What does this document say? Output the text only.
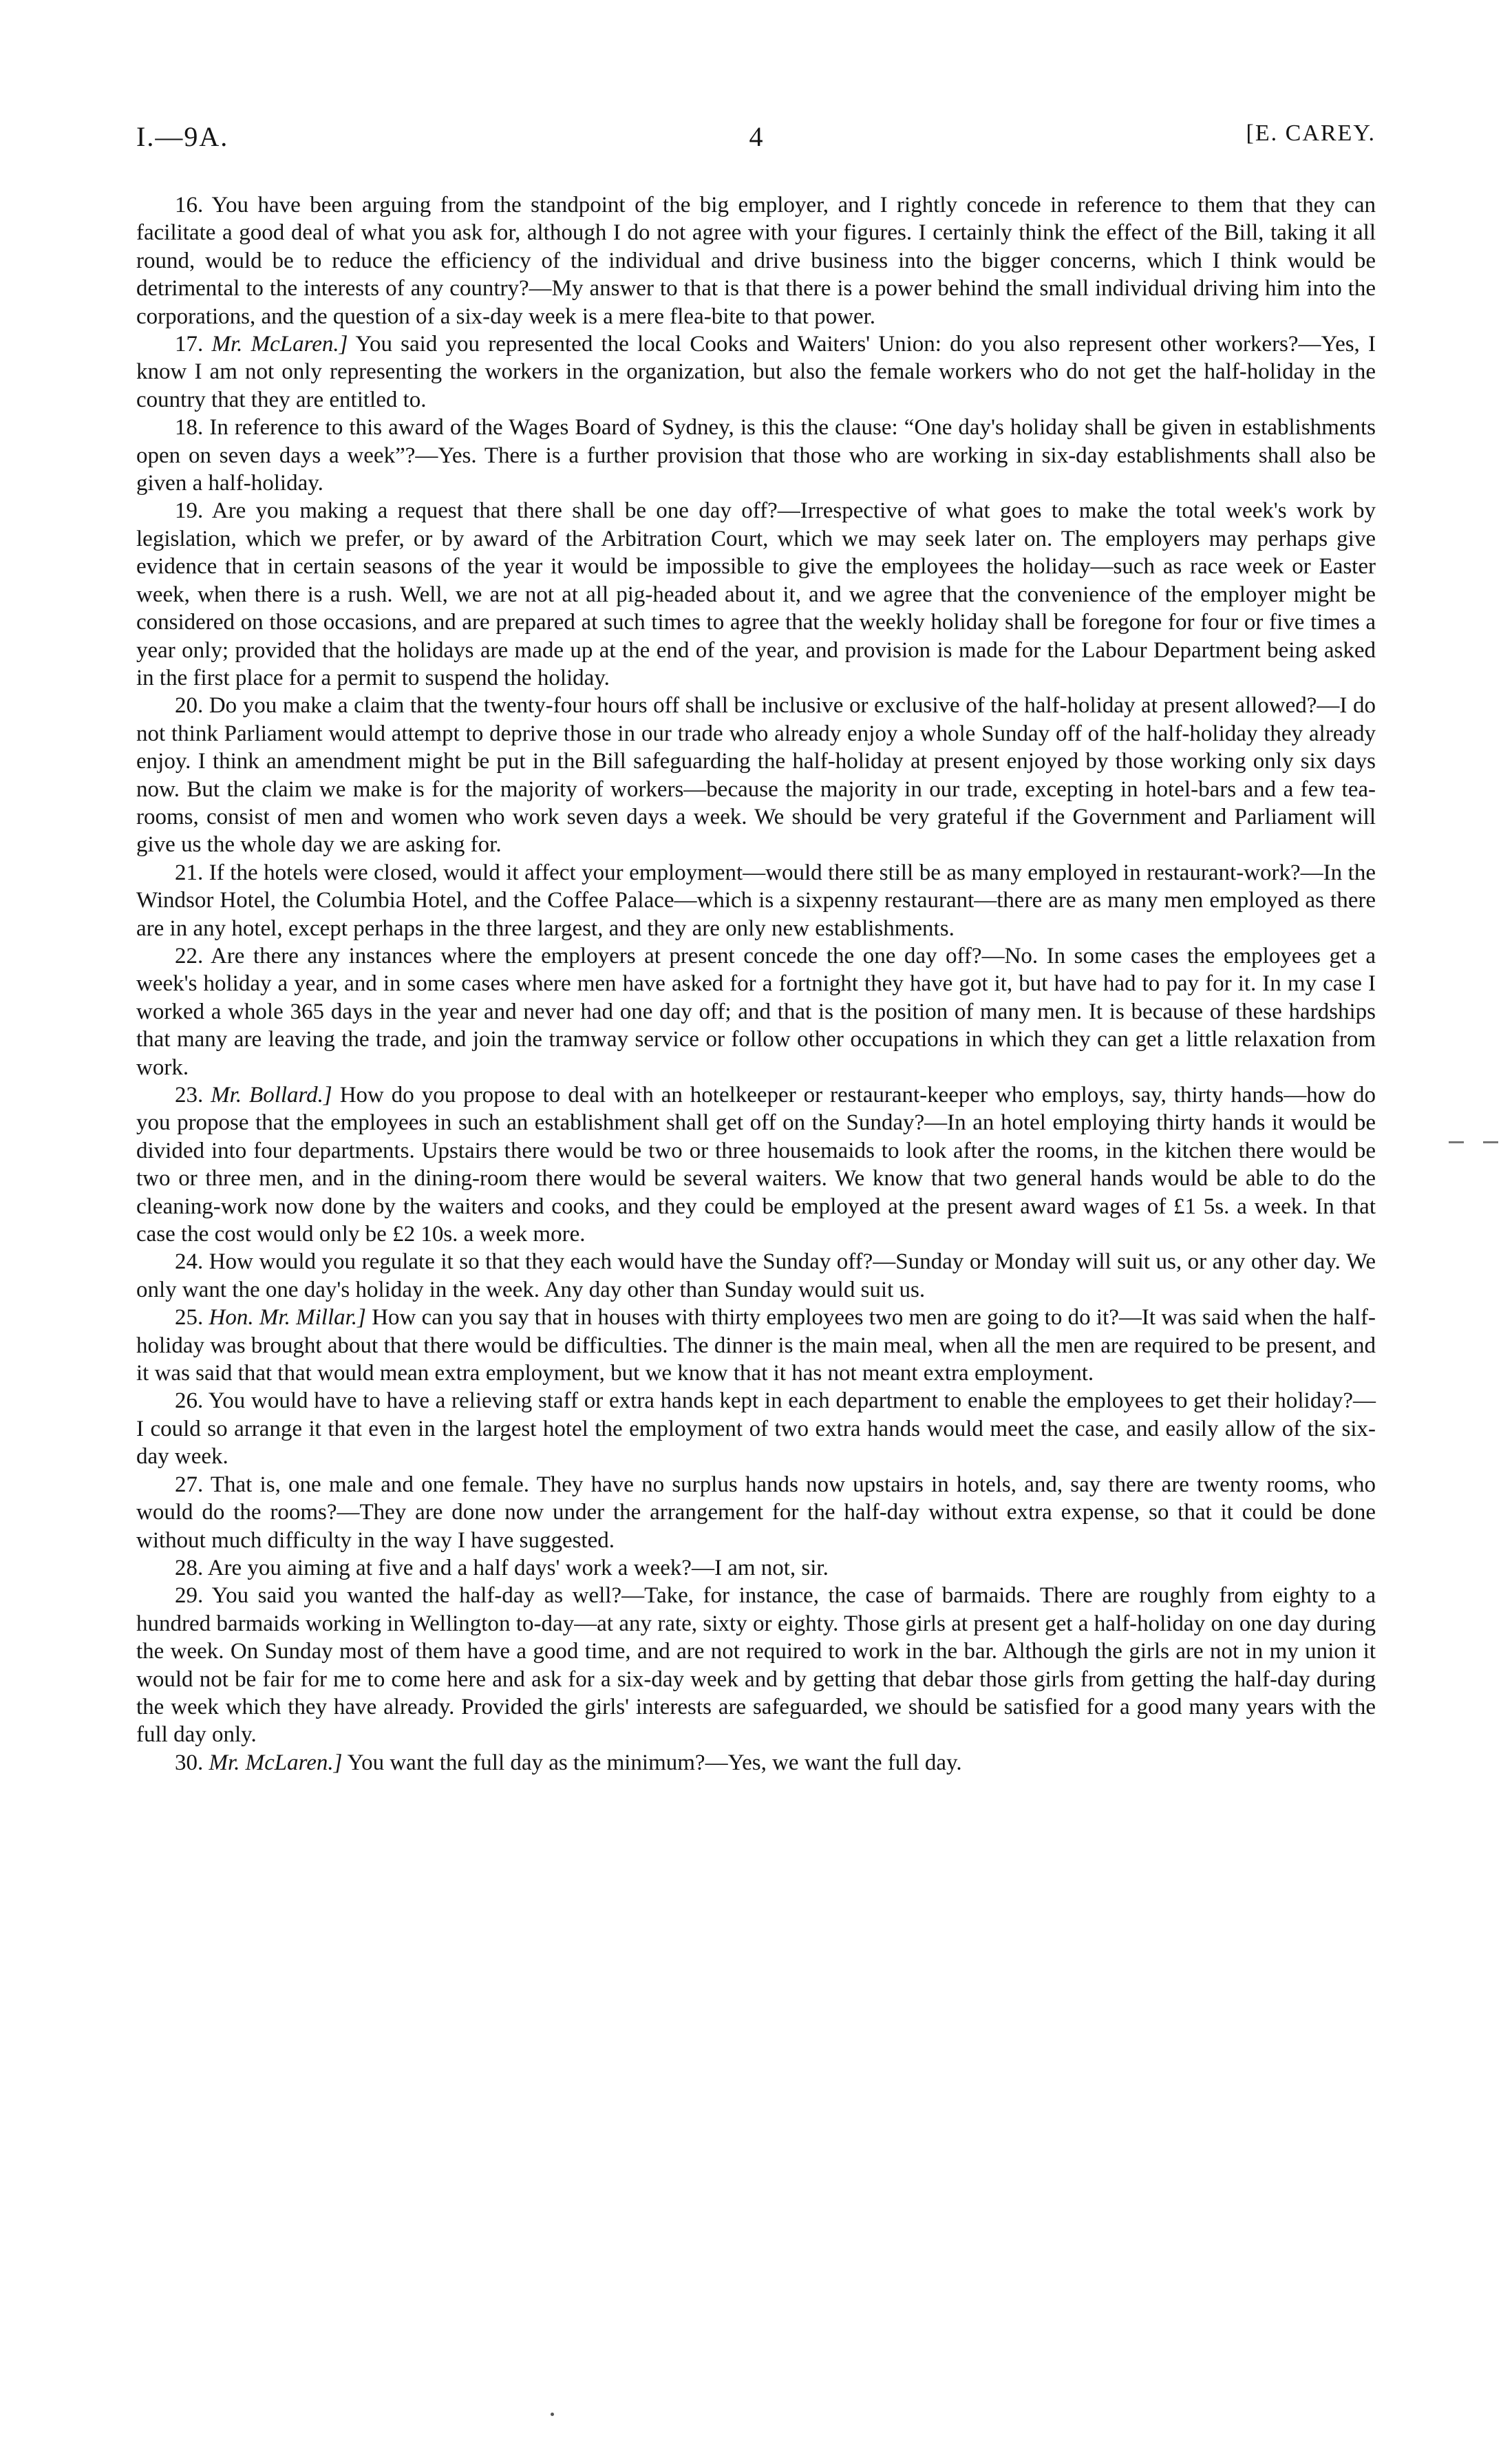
I.—9A.	4	[E. CAREY.

16. You have been arguing from the standpoint of the big employer, and I rightly concede in reference to them that they can facilitate a good deal of what you ask for, although I do not agree with your figures. I certainly think the effect of the Bill, taking it all round, would be to reduce the efficiency of the individual and drive business into the bigger concerns, which I think would be detrimental to the interests of any country?—My answer to that is that there is a power behind the small individual driving him into the corporations, and the question of a six-day week is a mere flea-bite to that power.

17. Mr. McLaren.] You said you represented the local Cooks and Waiters' Union: do you also represent other workers?—Yes, I know I am not only representing the workers in the organization, but also the female workers who do not get the half-holiday in the country that they are entitled to.

18. In reference to this award of the Wages Board of Sydney, is this the clause: “One day's holiday shall be given in establishments open on seven days a week”?—Yes. There is a further provision that those who are working in six-day establishments shall also be given a half-holiday.

19. Are you making a request that there shall be one day off?—Irrespective of what goes to make the total week's work by legislation, which we prefer, or by award of the Arbitration Court, which we may seek later on. The employers may perhaps give evidence that in certain seasons of the year it would be impossible to give the employees the holiday—such as race week or Easter week, when there is a rush. Well, we are not at all pig-headed about it, and we agree that the convenience of the employer might be considered on those occasions, and are prepared at such times to agree that the weekly holiday shall be foregone for four or five times a year only; provided that the holidays are made up at the end of the year, and provision is made for the Labour Department being asked in the first place for a permit to suspend the holiday.

20. Do you make a claim that the twenty-four hours off shall be inclusive or exclusive of the half-holiday at present allowed?—I do not think Parliament would attempt to deprive those in our trade who already enjoy a whole Sunday off of the half-holiday they already enjoy. I think an amendment might be put in the Bill safeguarding the half-holiday at present enjoyed by those working only six days now. But the claim we make is for the majority of workers—because the majority in our trade, excepting in hotel-bars and a few tea-rooms, consist of men and women who work seven days a week. We should be very grateful if the Government and Parliament will give us the whole day we are asking for.

21. If the hotels were closed, would it affect your employment—would there still be as many employed in restaurant-work?—In the Windsor Hotel, the Columbia Hotel, and the Coffee Palace—which is a sixpenny restaurant—there are as many men employed as there are in any hotel, except perhaps in the three largest, and they are only new establishments.

22. Are there any instances where the employers at present concede the one day off?—No. In some cases the employees get a week's holiday a year, and in some cases where men have asked for a fortnight they have got it, but have had to pay for it. In my case I worked a whole 365 days in the year and never had one day off; and that is the position of many men. It is because of these hardships that many are leaving the trade, and join the tramway service or follow other occupations in which they can get a little relaxation from work.

23. Mr. Bollard.] How do you propose to deal with an hotelkeeper or restaurant-keeper who employs, say, thirty hands—how do you propose that the employees in such an establishment shall get off on the Sunday?—In an hotel employing thirty hands it would be divided into four departments. Upstairs there would be two or three housemaids to look after the rooms, in the kitchen there would be two or three men, and in the dining-room there would be several waiters. We know that two general hands would be able to do the cleaning-work now done by the waiters and cooks, and they could be employed at the present award wages of £1 5s. a week. In that case the cost would only be £2 10s. a week more.

24. How would you regulate it so that they each would have the Sunday off?—Sunday or Monday will suit us, or any other day. We only want the one day's holiday in the week. Any day other than Sunday would suit us.

25. Hon. Mr. Millar.] How can you say that in houses with thirty employees two men are going to do it?—It was said when the half-holiday was brought about that there would be difficulties. The dinner is the main meal, when all the men are required to be present, and it was said that that would mean extra employment, but we know that it has not meant extra employment.

26. You would have to have a relieving staff or extra hands kept in each department to enable the employees to get their holiday?—I could so arrange it that even in the largest hotel the employment of two extra hands would meet the case, and easily allow of the six-day week.

27. That is, one male and one female. They have no surplus hands now upstairs in hotels, and, say there are twenty rooms, who would do the rooms?—They are done now under the arrangement for the half-day without extra expense, so that it could be done without much difficulty in the way I have suggested.

28. Are you aiming at five and a half days' work a week?—I am not, sir.

29. You said you wanted the half-day as well?—Take, for instance, the case of barmaids. There are roughly from eighty to a hundred barmaids working in Wellington to-day—at any rate, sixty or eighty. Those girls at present get a half-holiday on one day during the week. On Sunday most of them have a good time, and are not required to work in the bar. Although the girls are not in my union it would not be fair for me to come here and ask for a six-day week and by getting that debar those girls from getting the half-day during the week which they have already. Provided the girls' interests are safeguarded, we should be satisfied for a good many years with the full day only.

30. Mr. McLaren.] You want the full day as the minimum?—Yes, we want the full day.
